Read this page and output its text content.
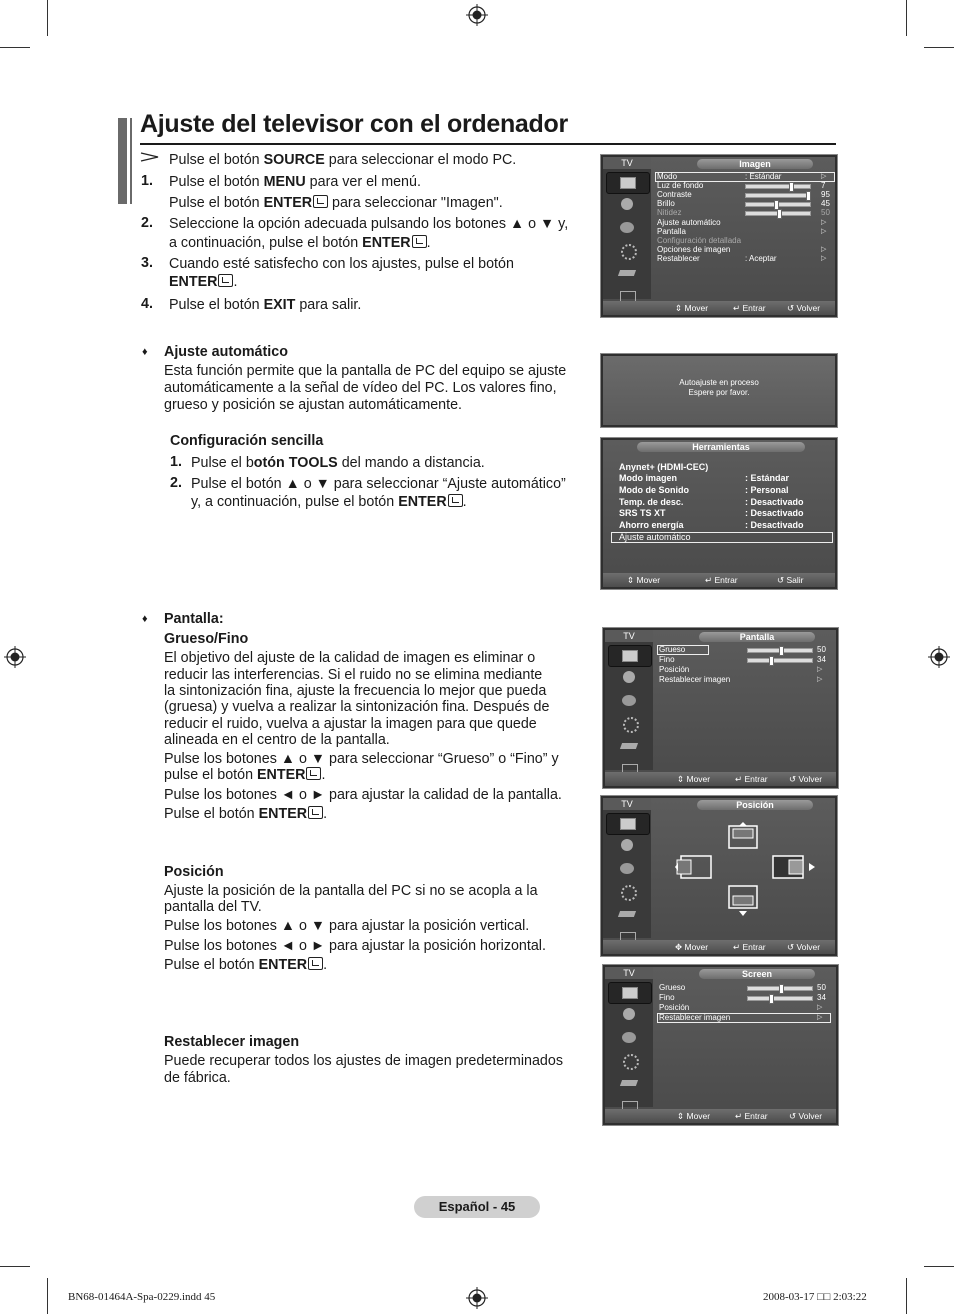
Ajuste del televisor con el ordenador
Pulse el botón SOURCE para seleccionar el modo PC.
1. Pulse el botón MENU para ver el menú.
Pulse el botón ENTER para seleccionar "Imagen".
2. Seleccione la opción adecuada pulsando los botones ▲ o ▼ y,
a continuación, pulse el botón ENTER .
3. Cuando esté satisfecho con los ajustes, pulse el botón
ENTER .
4. Pulse el botón EXIT para salir.
♦ Ajuste automático
Esta función permite que la pantalla de PC del equipo se ajuste
automáticamente a la señal de vídeo del PC. Los valores fino,
grueso y posición se ajustan automáticamente.
Configuración sencilla
1. Pulse el botón TOOLS del mando a distancia.
2. Pulse el botón ▲ o ▼ para seleccionar “Ajuste automático”
y, a continuación, pulse el botón ENTER .
♦ Pantalla:
Grueso/Fino
El objetivo del ajuste de la calidad de imagen es eliminar o
reducir las interferencias. Si el ruido no se elimina mediante
la sintonización fina, ajuste la frecuencia lo mejor que pueda
(gruesa) y vuelva a realizar la sintonización fina. Después de
reducir el ruido, vuelva a ajustar la imagen para que quede
alineada en el centro de la pantalla.
Pulse los botones ▲ o ▼ para seleccionar “Grueso” o “Fino” y
pulse el botón ENTER .
Pulse los botones ◄ o ► para ajustar la calidad de la pantalla.
Pulse el botón ENTER .
Posición
Ajuste la posición de la pantalla del PC si no se acopla a la
pantalla del TV.
Pulse los botones ▲ o ▼ para ajustar la posición vertical.
Pulse los botones ◄ o ► para ajustar la posición horizontal.
Pulse el botón ENTER .
Restablecer imagen
Puede recuperar todos los ajustes de imagen predeterminados
de fábrica.
TV	Imagen
Modo	: Estándar	▷
Luz de fondo	7
Contraste	95
Brillo	45
Nitidez	50
Ajuste automático	▷
Pantalla	▷
Configuración detallada
Opciones de imagen	▷
Restablecer	: Aceptar	▷
⇕ Mover	↵ Entrar	↺ Volver
Autoajuste en proceso
Espere por favor.
Herramientas
Anynet+ (HDMI-CEC)
Modo imagen	: Estándar
Modo de Sonido	: Personal
Temp. de desc.	: Desactivado
SRS TS XT	: Desactivado
Ahorro energía	: Desactivado
Ajuste automático
⇕ Mover	↵ Entrar	↺ Salir
TV	Pantalla
Grueso	50
Fino	34
Posición	▷
Restablecer imagen	▷
⇕ Mover	↵ Entrar	↺ Volver
TV	Posición
✥ Mover	↵ Entrar	↺ Volver
TV	Screen
Grueso	50
Fino	34
Posición	▷
Restablecer imagen	▷
⇕ Mover	↵ Entrar	↺ Volver
Español - 45
BN68-01464A-Spa-0229.indd 45	2008-03-17 □□ 2:03:22
